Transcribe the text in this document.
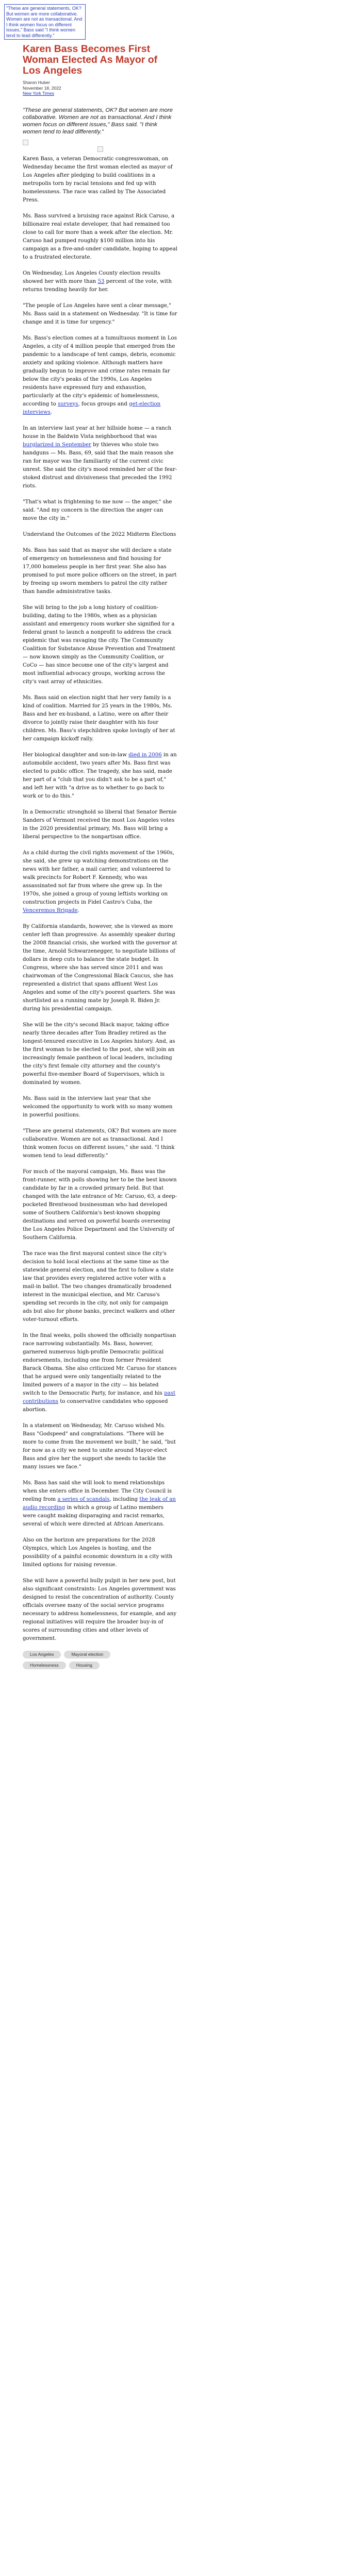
"These are general statements, OK? But women are more collaborative. Women are not as transactional. And I think women focus on different issues," Bass said "I think women tend to lead differently."
Karen Bass Becomes First Woman Elected As Mayor of Los Angeles
Sharon Huber
November 18, 2022
New York Times

"These are general statements, OK? But women are more collaborative. Women are not as transactional. And I think women focus on different issues," Bass said. "I think women tend to lead differently."

Karen Bass, a veteran Democratic congresswoman, on Wednesday became the first woman elected as mayor of Los Angeles after pledging to build coalitions in a metropolis torn by racial tensions and fed up with homelessness. The race was called by The Associated Press.

Ms. Bass survived a bruising race against Rick Caruso, a billionaire real estate developer, that had remained too close to call for more than a week after the election. Mr. Caruso had pumped roughly $100 million into his campaign as a five-and-under candidate, hoping to appeal to a frustrated electorate.

On Wednesday, Los Angeles County election results showed her with more than 53 percent of the vote, with returns trending heavily for her.

"The people of Los Angeles have sent a clear message," Ms. Bass said in a statement on Wednesday. "It is time for change and it is time for urgency."

Ms. Bass's election comes at a tumultuous moment in Los Angeles, a city of 4 million people that emerged from the pandemic to a landscape of tent camps, debris, economic anxiety and spiking violence. Although matters have gradually begun to improve and crime rates remain far below the city's peaks of the 1990s, Los Angeles residents have expressed fury and exhaustion, particularly at the city's epidemic of homelessness, according to surveys, focus groups and get-election interviews.

In an interview last year at her hillside home — a ranch house in the Baldwin Vista neighborhood that was burglarized in September by thieves who stole two handguns — Ms. Bass, 69, said that the main reason she ran for mayor was the familiarity of the current civic unrest. She said the city's mood reminded her of the fear-stoked distrust and divisiveness that preceded the 1992 riots.

"That's what is frightening to me now — the anger," she said. "And my concern is the direction the anger can move the city in."

Understand the Outcomes of the 2022 Midterm Elections

Ms. Bass has said that as mayor she will declare a state of emergency on homelessness and find housing for 17,000 homeless people in her first year. She also has promised to put more police officers on the street, in part by freeing up sworn members to patrol the city rather than handle administrative tasks.

She will bring to the job a long history of coalition-building, dating to the 1980s, when as a physician assistant and emergency room worker she signified for a federal grant to launch a nonprofit to address the crack epidemic that was ravaging the city. The Community Coalition for Substance Abuse Prevention and Treatment — now known simply as the Community Coalition, or CoCo — has since become one of the city's largest and most influential advocacy groups, working across the city's vast array of ethnicities.

Ms. Bass said on election night that her very family is a kind of coalition. Married for 25 years in the 1980s, Ms. Bass and her ex-husband, a Latino, were on after their divorce to jointly raise their daughter with his four children. Ms. Bass's stepchildren spoke lovingly of her at her campaign kickoff rally.

Her biological daughter and son-in-law died in 2006 in an automobile accident, two years after Ms. Bass first was elected to public office. The tragedy, she has said, made her part of a "club that you didn't ask to be a part of," and left her with "a drive as to whether to go back to work or to do this."

In a Democratic stronghold so liberal that Senator Bernie Sanders of Vermont received the most Los Angeles votes in the 2020 presidential primary, Ms. Bass will bring a liberal perspective to the nonpartisan office.

As a child during the civil rights movement of the 1960s, she said, she grew up watching demonstrations on the news with her father, a mail carrier, and volunteered to walk precincts for Robert F. Kennedy, who was assassinated not far from where she grew up. In the 1970s, she joined a group of young leftists working on construction projects in Fidel Castro's Cuba, the Venceremos Brigade.

By California standards, however, she is viewed as more center left than progressive. As assembly speaker during the 2008 financial crisis, she worked with the governor at the time, Arnold Schwarzenegger, to negotiate billions of dollars in deep cuts to balance the state budget. In Congress, where she has served since 2011 and was chairwoman of the Congressional Black Caucus, she has represented a district that spans affluent West Los Angeles and some of the city's poorest quarters. She was shortlisted as a running mate by Joseph R. Biden Jr. during his presidential campaign.

She will be the city's second Black mayor, taking office nearly three decades after Tom Bradley retired as the longest-tenured executive in Los Angeles history. And, as the first woman to be elected to the post, she will join an increasingly female pantheon of local leaders, including the city's first female city attorney and the county's powerful five-member Board of Supervisors, which is dominated by women.

Ms. Bass said in the interview last year that she welcomed the opportunity to work with so many women in powerful positions.

"These are general statements, OK? But women are more collaborative. Women are not as transactional. And I think women focus on different issues," she said. "I think women tend to lead differently."

For much of the mayoral campaign, Ms. Bass was the front-runner, with polls showing her to be the best known candidate by far in a crowded primary field. But that changed with the late entrance of Mr. Caruso, 63, a deep-pocketed Brentwood businessman who had developed some of Southern California's best-known shopping destinations and served on powerful boards overseeing the Los Angeles Police Department and the University of Southern California.

The race was the first mayoral contest since the city's decision to hold local elections at the same time as the statewide general election, and the first to follow a state law that provides every registered active voter with a mail-in ballot. The two changes dramatically broadened interest in the municipal election, and Mr. Caruso's spending set records in the city, not only for campaign ads but also for phone banks, precinct walkers and other voter-turnout efforts.

In the final weeks, polls showed the officially nonpartisan race narrowing substantially. Ms. Bass, however, garnered numerous high-profile Democratic political endorsements, including one from former President Barack Obama. She also criticized Mr. Caruso for stances that he argued were only tangentially related to the limited powers of a mayor in the city — his belated switch to the Democratic Party, for instance, and his past contributions to conservative candidates who opposed abortion.

In a statement on Wednesday, Mr. Caruso wished Ms. Bass "Godspeed" and congratulations. "There will be more to come from the movement we built," he said, "but for now as a city we need to unite around Mayor-elect Bass and give her the support she needs to tackle the many issues we face."

Ms. Bass has said she will look to mend relationships when she enters office in December. The City Council is reeling from a series of scandals, including the leak of an audio recording in which a group of Latino members were caught making disparaging and racist remarks, several of which were directed at African Americans.

Also on the horizon are preparations for the 2028 Olympics, which Los Angeles is hosting, and the possibility of a painful economic downturn in a city with limited options for raising revenue.

She will have a powerful bully pulpit in her new post, but also significant constraints: Los Angeles government was designed to resist the concentration of authority. County officials oversee many of the social service programs necessary to address homelessness, for example, and any regional initiatives will require the broader buy-in of scores of surrounding cities and other levels of government.

Los Angeles	Mayoral election
Homelessness	Housing
